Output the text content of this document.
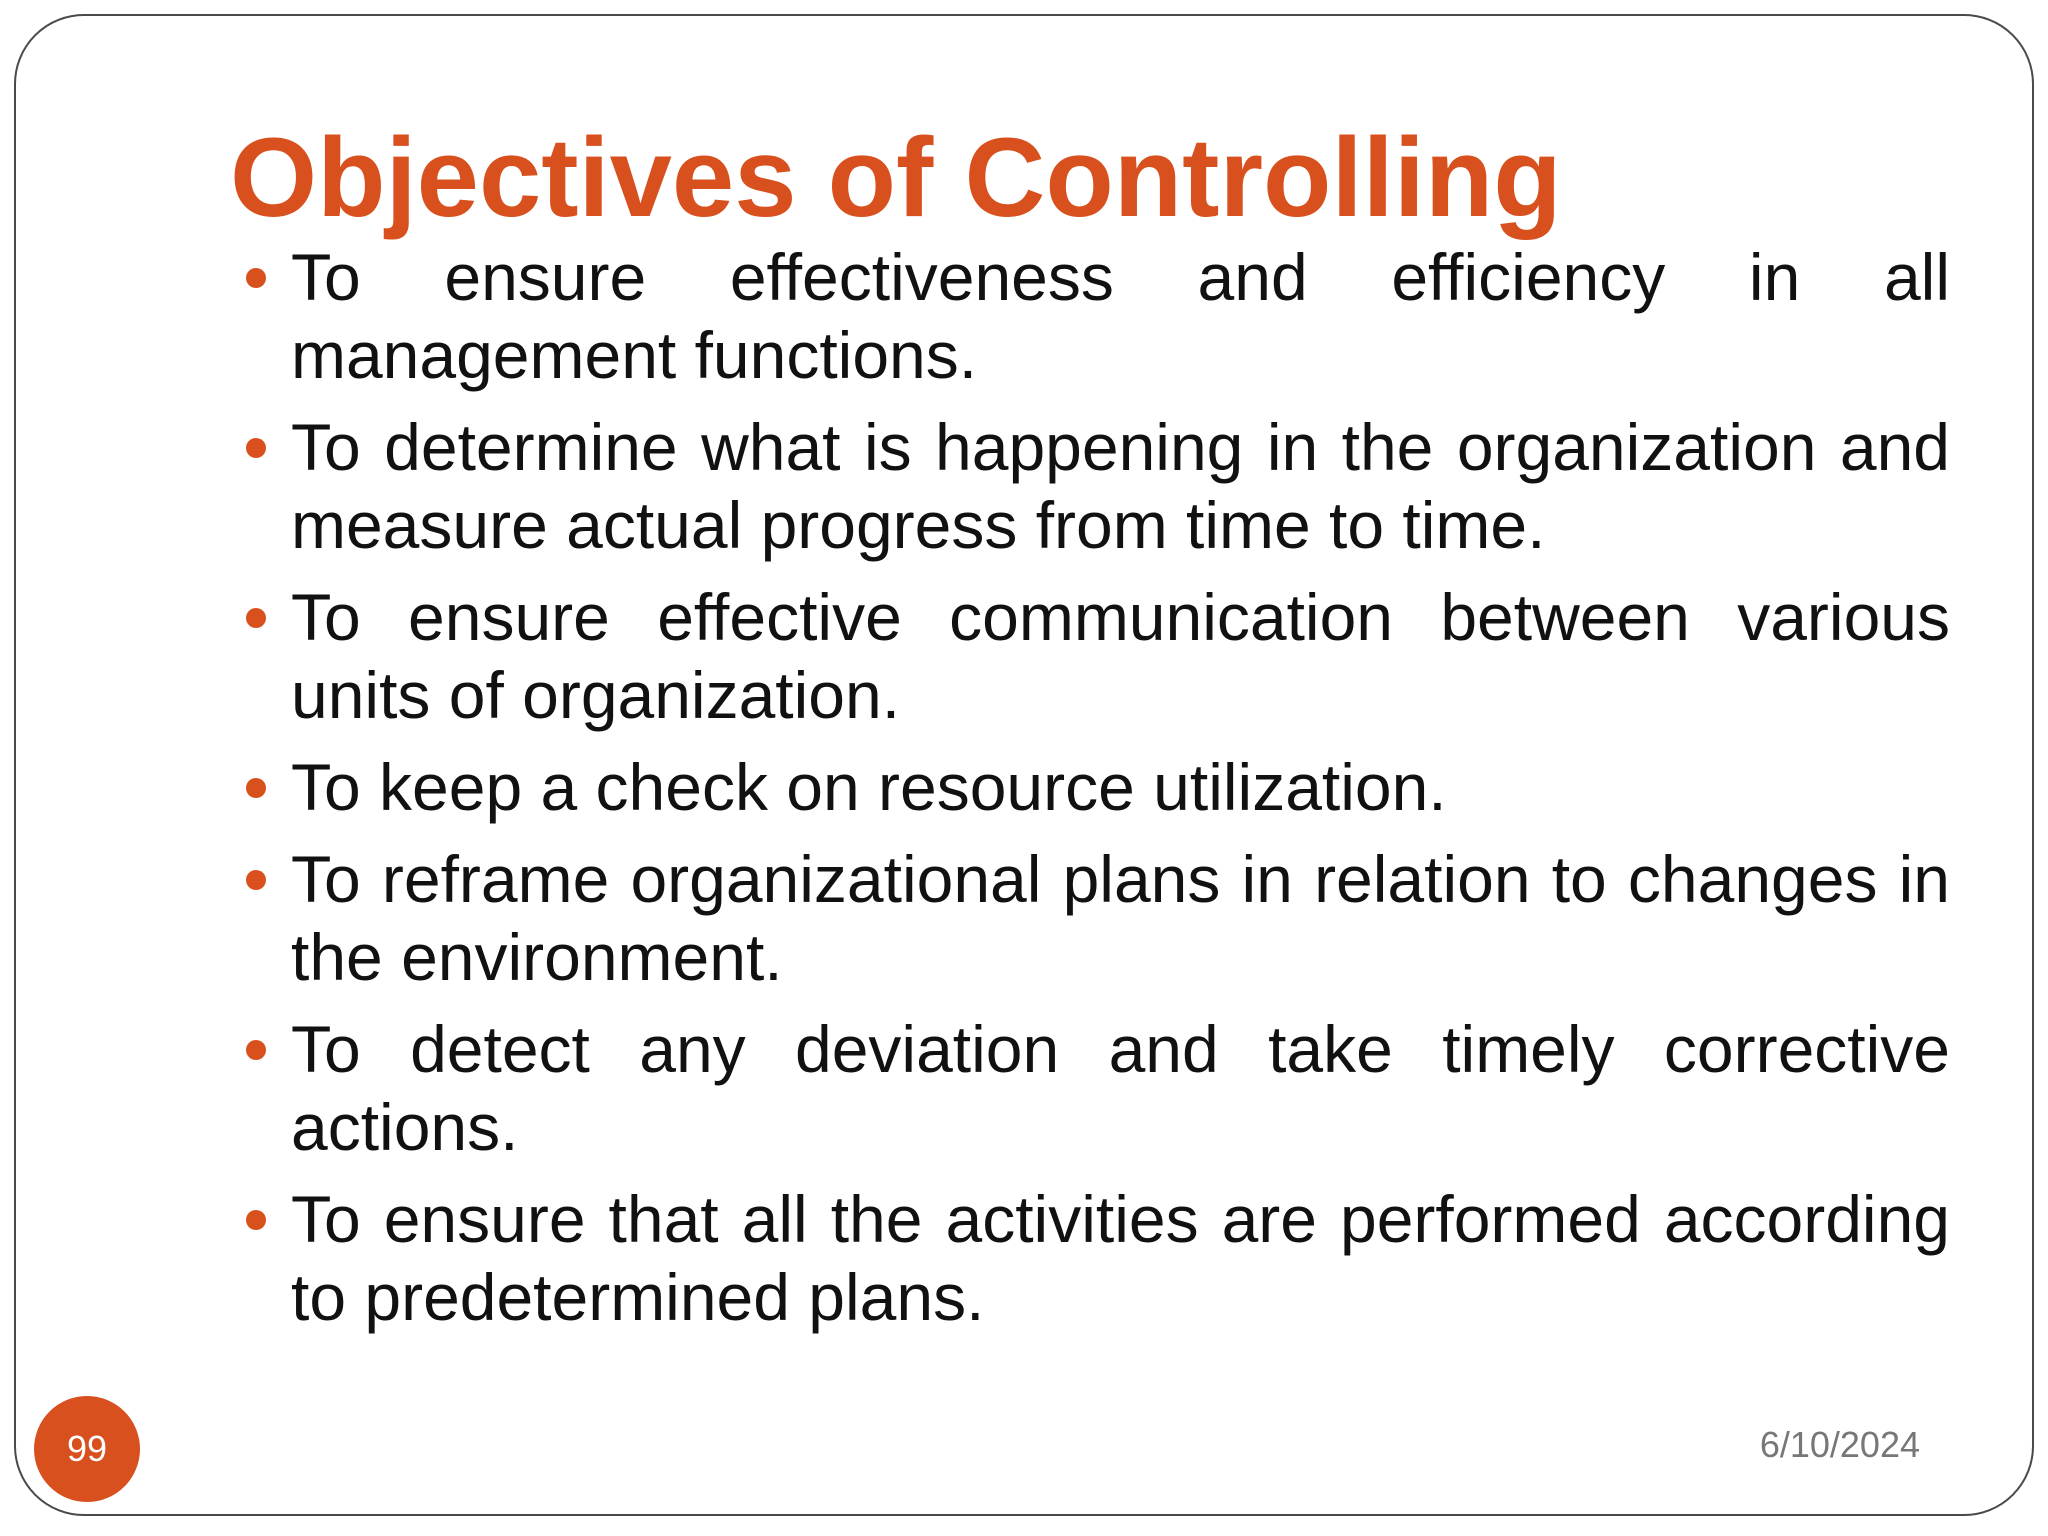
Objectives of Controlling
To ensure effectiveness and efficiency in all management functions.
To determine what is happening in the organization and measure actual progress from time to time.
To ensure effective communication between various units of organization.
To keep a check on resource utilization.
To reframe organizational plans in relation to changes in the environment.
To detect any deviation and take timely corrective actions.
To ensure that all the activities are performed according to predetermined plans.
99	6/10/2024
